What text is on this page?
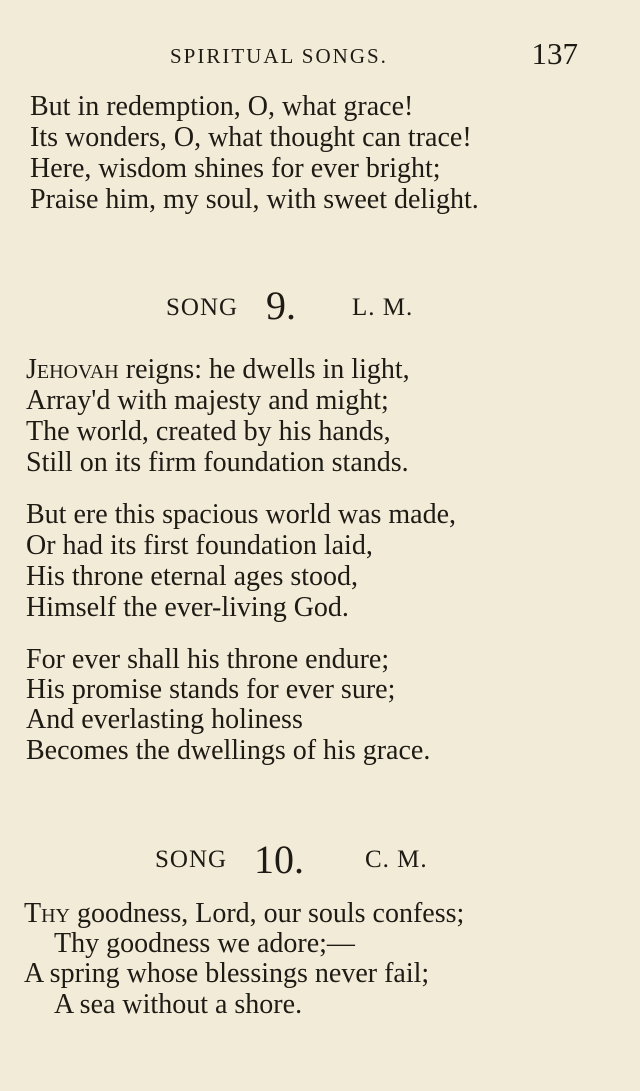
SPIRITUAL SONGS.	137
But in redemption, O, what grace!
Its wonders, O, what thought can trace!
Here, wisdom shines for ever bright;
Praise him, my soul, with sweet delight.
SONG 9. L. M.
Jehovah reigns: he dwells in light,
Array'd with majesty and might;
The world, created by his hands,
Still on its firm foundation stands.
But ere this spacious world was made,
Or had its first foundation laid,
His throne eternal ages stood,
Himself the ever-living God.
For ever shall his throne endure;
His promise stands for ever sure;
And everlasting holiness
Becomes the dwellings of his grace.
SONG 10. C. M.
Thy goodness, Lord, our souls confess;
Thy goodness we adore;—
A spring whose blessings never fail;
A sea without a shore.
